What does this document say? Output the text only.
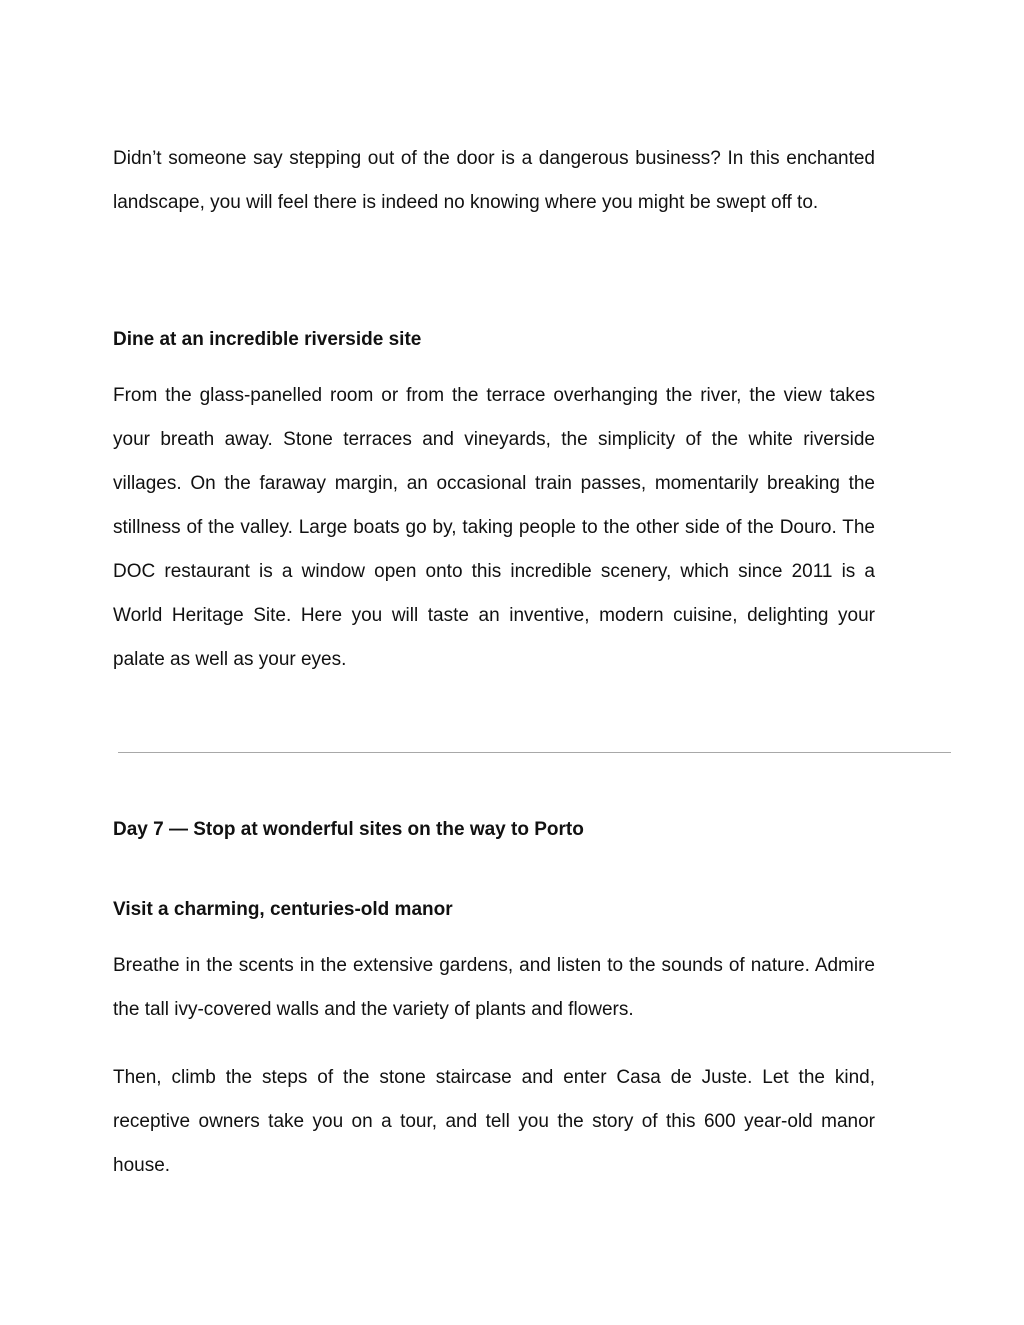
Didn’t someone say stepping out of the door is a dangerous business? In this enchanted landscape, you will feel there is indeed no knowing where you might be swept off to.

Dine at an incredible riverside site

From the glass-panelled room or from the terrace overhanging the river, the view takes your breath away. Stone terraces and vineyards, the simplicity of the white riverside villages. On the faraway margin, an occasional train passes, momentarily breaking the stillness of the valley. Large boats go by, taking people to the other side of the Douro. The DOC restaurant is a window open onto this incredible scenery, which since 2011 is a World Heritage Site. Here you will taste an inventive, modern cuisine, delighting your palate as well as your eyes.

Day 7 — Stop at wonderful sites on the way to Porto
Visit a charming, centuries-old manor

Breathe in the scents in the extensive gardens, and listen to the sounds of nature. Admire the tall ivy-covered walls and the variety of plants and flowers.

Then, climb the steps of the stone staircase and enter Casa de Juste. Let the kind, receptive owners take you on a tour, and tell you the story of this 600 year-old manor house.
